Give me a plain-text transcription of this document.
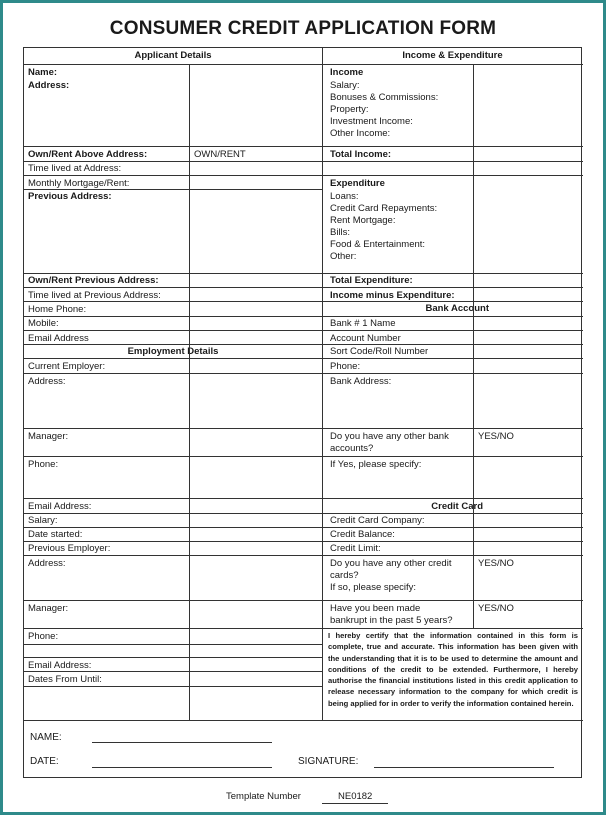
CONSUMER CREDIT APPLICATION FORM
Applicant Details	Income & Expenditure
Name:
Address:
Own/Rent Above Address:	OWN/RENT
Time lived at Address:
Monthly Mortgage/Rent:
Previous Address:
Own/Rent Previous Address:
Time lived at Previous Address:
Home Phone:
Mobile:
Email Address
Employment Details
Current Employer:
Address:
Manager:
Phone:
Email Address:
Salary:
Date started:
Previous Employer:
Address:
Manager:
Phone:
Email Address:
Dates From Until:
Income
Salary:
Bonuses & Commissions:
Property:
Investment Income:
Other Income:
Total Income:
Expenditure
Loans:
Credit Card Repayments:
Rent Mortgage:
Bills:
Food & Entertainment:
Other:
Total Expenditure:
Income minus Expenditure:
Bank Account
Bank # 1 Name
Account Number
Sort Code/Roll Number
Phone:
Bank Address:
Do you have any other bank
accounts?
YES/NO
If Yes, please specify:
Credit Card
Credit Card Company:
Credit Balance:
Credit Limit:
Do you have any other credit
cards?
If so, please specify:
YES/NO
Have you been made
bankrupt in the past 5 years?
YES/NO
I hereby certify that the information contained in this form is complete, true and accurate. This information has been given with the understanding that it is to be used to determine the amount and conditions of the credit to be extended. Furthermore, I hereby authorise the financial institutions listed in this credit application to release necessary information to the company for which credit is being applied for in order to verify the information contained herein.
NAME:
DATE:	SIGNATURE:
Template Number	NE0182
